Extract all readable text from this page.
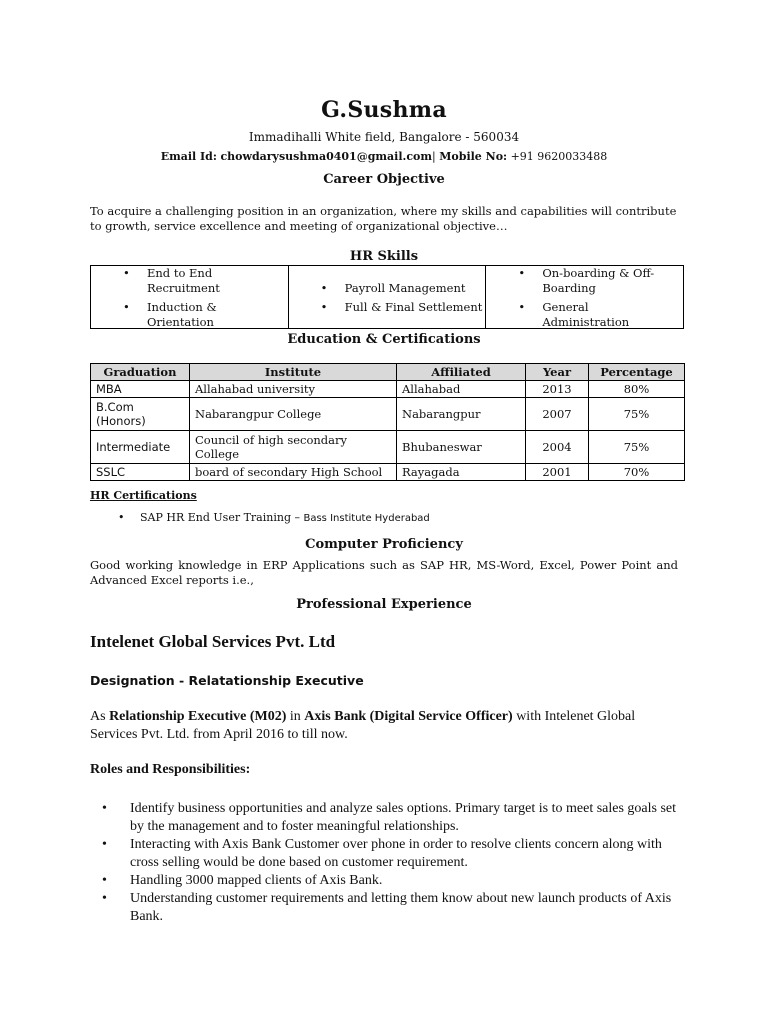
G.Sushma
Immadihalli White field, Bangalore - 560034
Email Id: chowdarysushma0401@gmail.com| Mobile No: +91 9620033488
Career Objective
To acquire a challenging position in an organization, where my skills and capabilities will contribute to growth, service excellence and meeting of organizational objective…
HR Skills
• End to End Recruitment
• Induction & Orientation
• Payroll Management
• Full & Final Settlement
• On-boarding & Off-Boarding
• General Administration
Education & Certifications
Graduation	Institute	Affiliated	Year	Percentage
MBA	Allahabad university	Allahabad	2013	80%
B.Com (Honors)	Nabarangpur College	Nabarangpur	2007	75%
Intermediate	Council of high secondary College	Bhubaneswar	2004	75%
SSLC	board of secondary High School	Rayagada	2001	70%
HR Certifications
• SAP HR End User Training – Bass Institute Hyderabad
Computer Proficiency
Good working knowledge in ERP Applications such as SAP HR, MS-Word, Excel, Power Point and Advanced Excel reports i.e.,
Professional Experience
Intelenet Global Services Pvt. Ltd
Designation - Relatationship Executive
As Relationship Executive (M02) in Axis Bank (Digital Service Officer) with Intelenet Global Services Pvt. Ltd. from April 2016 to till now.
Roles and Responsibilities:
• Identify business opportunities and analyze sales options. Primary target is to meet sales goals set by the management and to foster meaningful relationships.
• Interacting with Axis Bank Customer over phone in order to resolve clients concern along with cross selling would be done based on customer requirement.
• Handling 3000 mapped clients of Axis Bank.
• Understanding customer requirements and letting them know about new launch products of Axis Bank.
